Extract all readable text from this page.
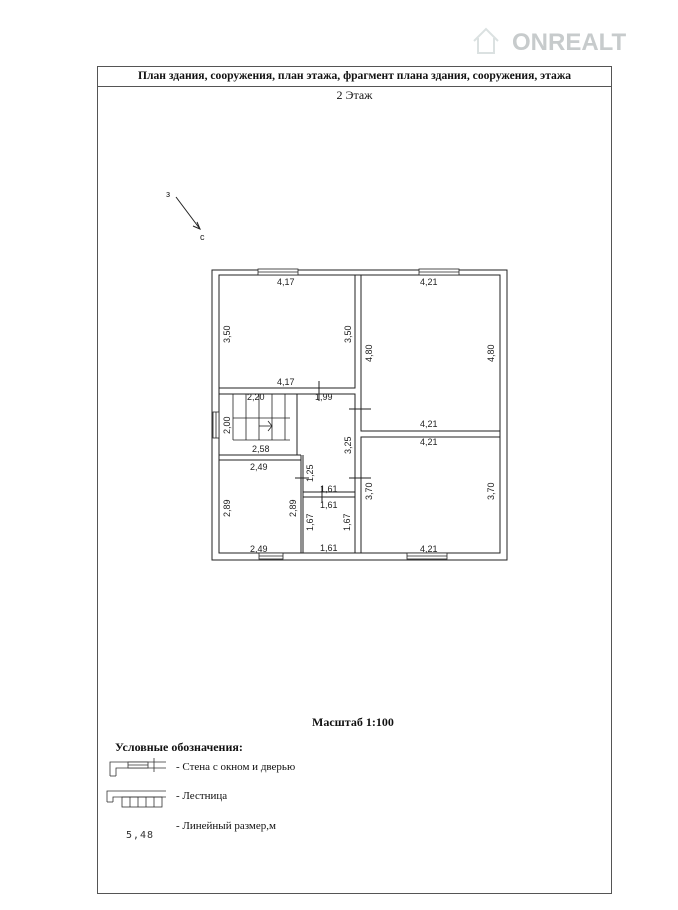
План здания, сооружения, план этажа, фрагмент плана здания, сооружения, этажа
2 Этаж
ONREALT
з
с
4,17
4,17
3,50	3,50
4,21
4,21
4,80	4,80
4,21
4,21
3,70	3,70
2,20
2,58
2,00
1,99
3,25
1,25
2,49
2,49
2,89	2,89
1,61
1,61
1,61
1,67	1,67
Масштаб 1:100
Условные обозначения:
- Стена с окном и дверью
- Лестница
- Линейный размер,м
5,48
